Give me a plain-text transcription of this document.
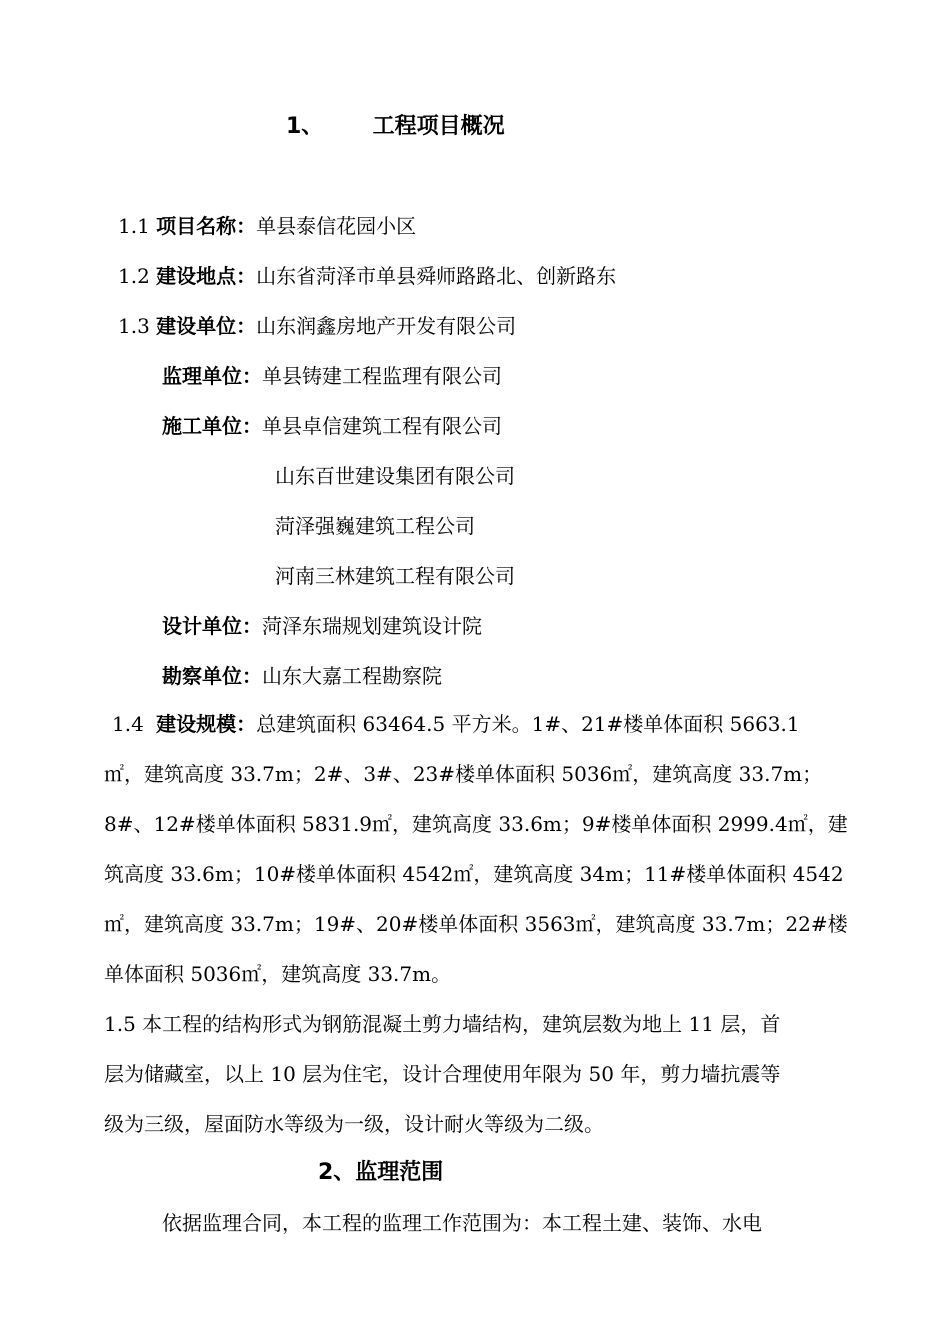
1、 工程项目概况
1.1 项目名称：单县泰信花园小区
1.2 建设地点：山东省菏泽市单县舜师路路北、创新路东
1.3 建设单位：山东润鑫房地产开发有限公司
监理单位：单县铸建工程监理有限公司
施工单位：单县卓信建筑工程有限公司
山东百世建设集团有限公司
菏泽强巍建筑工程公司
河南三林建筑工程有限公司
设计单位：菏泽东瑞规划建筑设计院
勘察单位：山东大嘉工程勘察院
1.4 建设规模：总建筑面积 63464.5 平方米。1#、21#楼单体面积 5663.1
㎡，建筑高度 33.7m；2#、3#、23#楼单体面积 5036㎡，建筑高度 33.7m；
8#、12#楼单体面积 5831.9㎡，建筑高度 33.6m；9#楼单体面积 2999.4㎡，建
筑高度 33.6m；10#楼单体面积 4542㎡，建筑高度 34m；11#楼单体面积 4542
㎡，建筑高度 33.7m；19#、20#楼单体面积 3563㎡，建筑高度 33.7m；22#楼
单体面积 5036㎡，建筑高度 33.7m。
1.5 本工程的结构形式为钢筋混凝土剪力墙结构，建筑层数为地上 11 层，首
层为储藏室，以上 10 层为住宅，设计合理使用年限为 50 年，剪力墙抗震等
级为三级，屋面防水等级为一级，设计耐火等级为二级。
2、监理范围
依据监理合同，本工程的监理工作范围为：本工程土建、装饰、水电
